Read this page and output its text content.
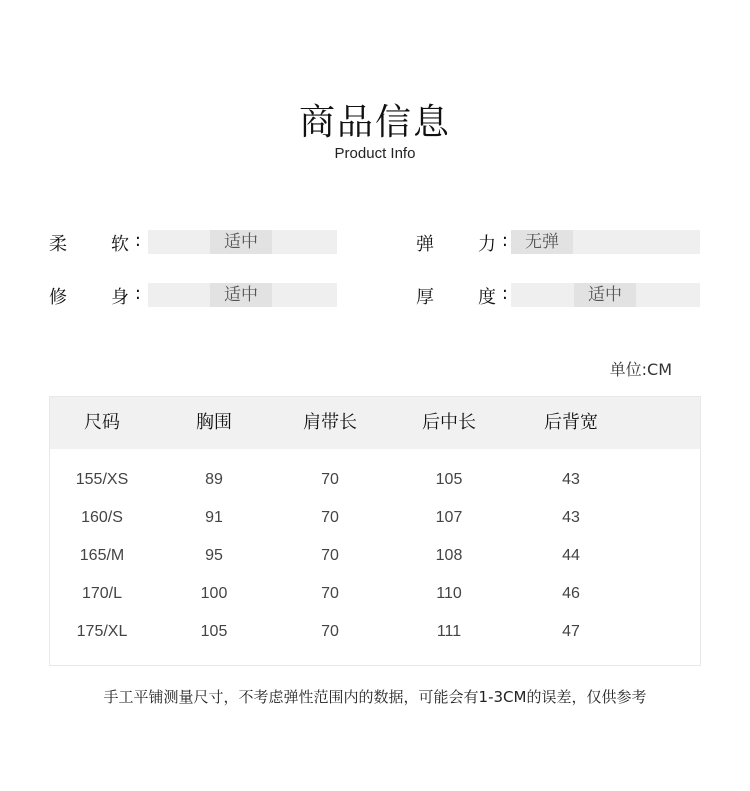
商品信息
Product Info
柔 软 :	适中	弹 力 :	无弹
修 身 :	适中	厚 度 :	适中
单位:CM
尺码	胸围	肩带长	后中长	后背宽
155/XS	89	70	105	43
160/S	91	70	107	43
165/M	95	70	108	44
170/L	100	70	110	46
175/XL	105	70	111	47
手工平铺测量尺寸，不考虑弹性范围内的数据，可能会有1-3CM的误差，仅供参考
